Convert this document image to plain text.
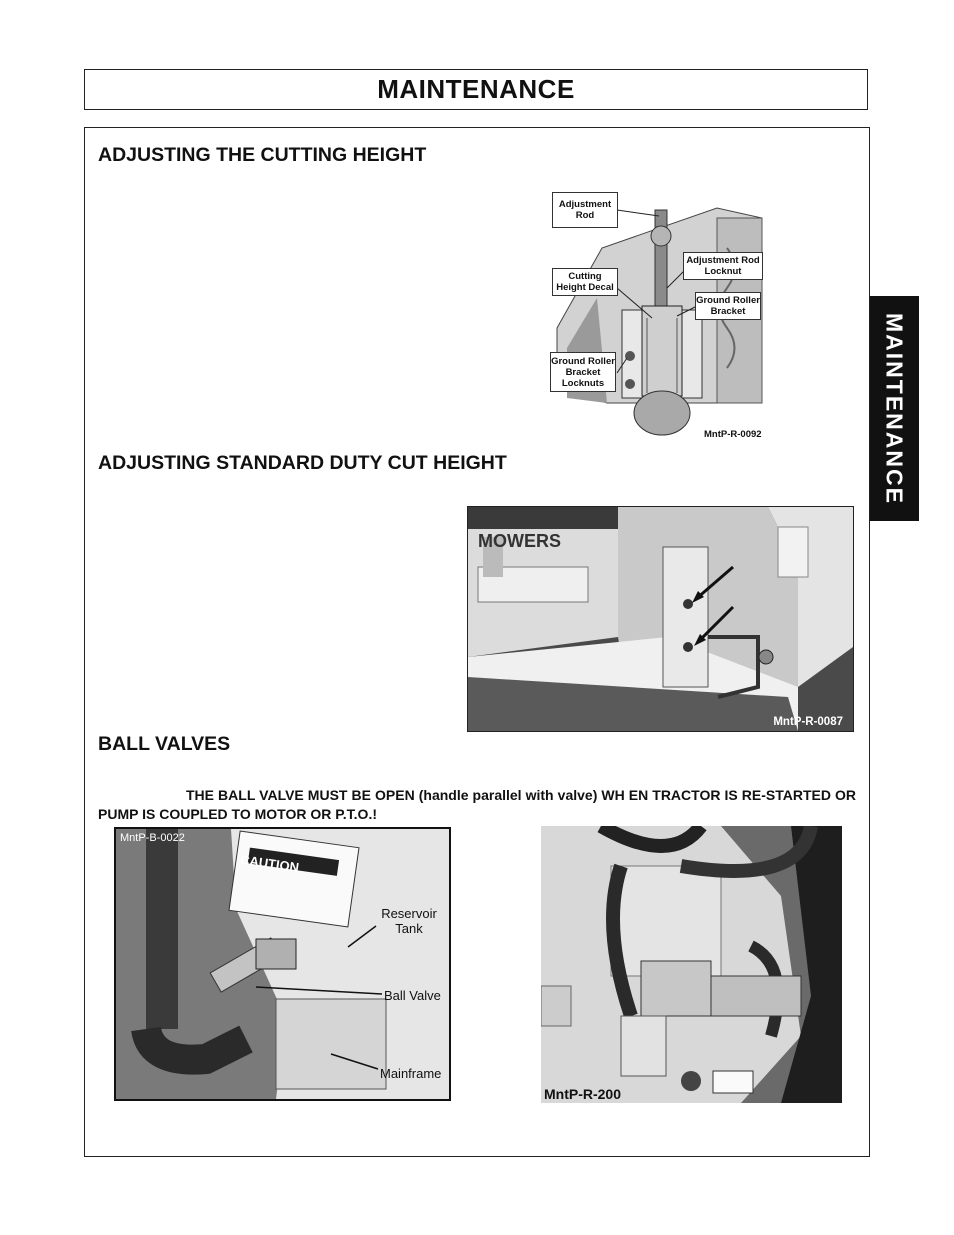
MAINTENANCE
MAINTENANCE
ADJUSTING THE CUTTING HEIGHT
Adjustment Rod
Adjustment Rod Locknut
Cutting Height Decal
Ground Roller Bracket
Ground Roller Bracket Locknuts
MntP-R-0092
ADJUSTING STANDARD DUTY CUT HEIGHT
MOWERS
MntP-R-0087
BALL VALVES
THE BALL VALVE MUST BE OPEN (handle parallel with valve) WH EN TRACTOR IS RE-STARTED OR PUMP IS COUPLED TO MOTOR OR P.T.O.!
CAUTION
MntP-B-0022
Reservoir Tank
Ball Valve
Mainframe
MntP-R-200
